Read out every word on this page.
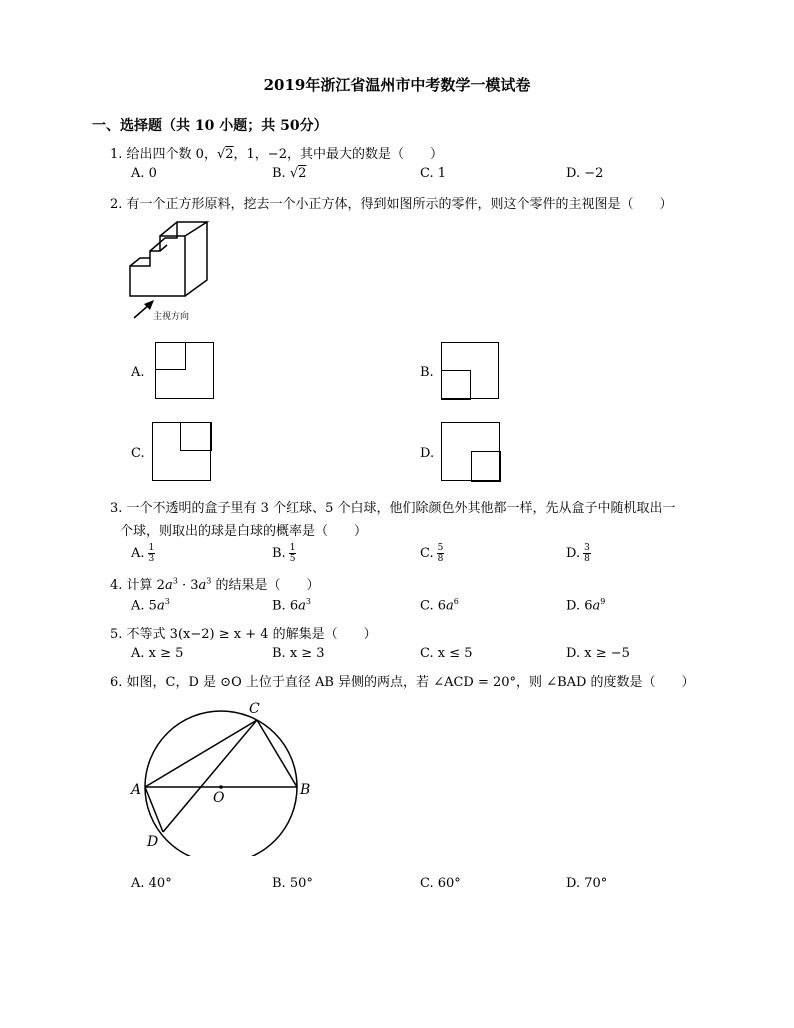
2019年浙江省温州市中考数学一模试卷
一、选择题（共 10 小题；共 50分）
1. 给出四个数 0，√2，1，−2，其中最大的数是（　　）
A. 0	B. √2	C. 1	D. −2
2. 有一个正方形原料，挖去一个小正方体，得到如图所示的零件，则这个零件的主视图是（　　）
主视方向
A.	B.
C.	D.
3. 一个不透明的盒子里有 3 个红球、5 个白球，他们除颜色外其他都一样，先从盒子中随机取出一
个球，则取出的球是白球的概率是（　　）
A. $\frac{1}{3}$	B. $\frac{1}{5}$	C. $\frac{5}{8}$	D. $\frac{3}{8}$
4. 计算 $2a^3 \cdot 3a^3$ 的结果是（　　）
A. $5a^3$	B. $6a^3$	C. $6a^6$	D. $6a^9$
5. 不等式 3(x−2) ≥ x + 4 的解集是（　　）
A. x ≥ 5	B. x ≥ 3	C. x ≤ 5	D. x ≥ −5
6. 如图，C，D 是 ⊙O 上位于直径 AB 异侧的两点，若 ∠ACD = 20°，则 ∠BAD 的度数是（　　）
A	B
C
D
O
A. 40°	B. 50°	C. 60°	D. 70°
